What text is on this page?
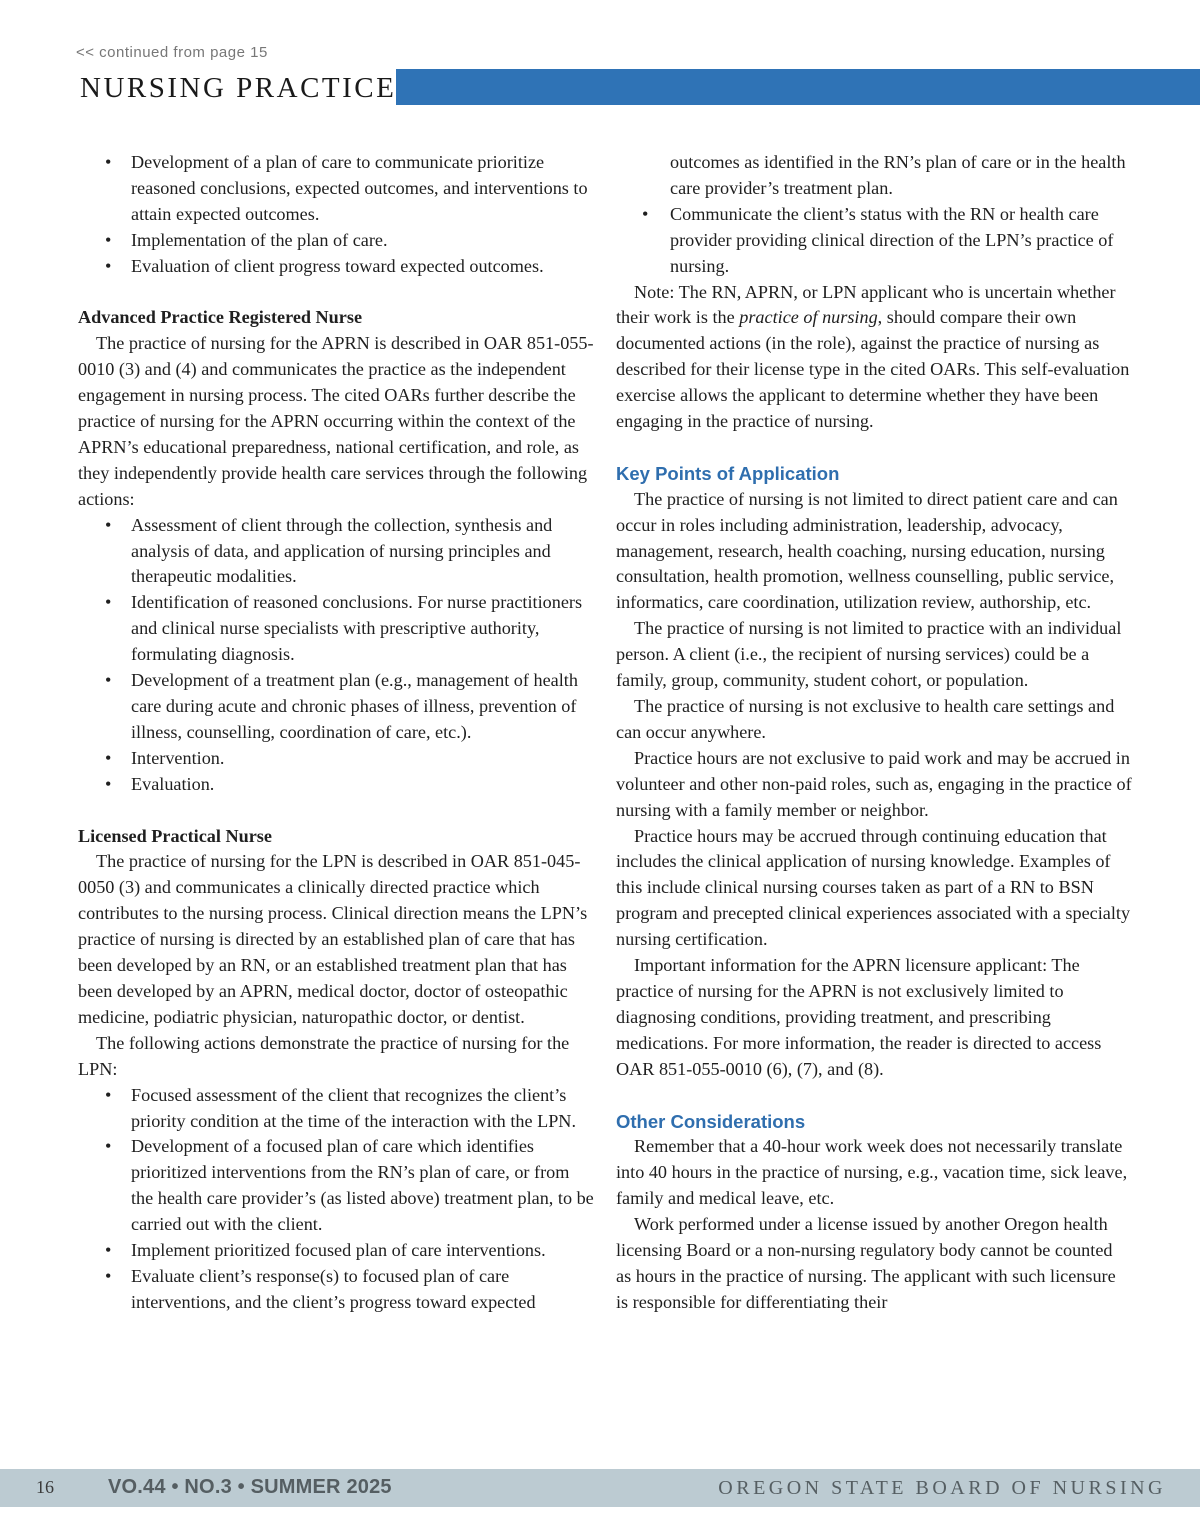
<< continued from page 15
NURSING PRACTICE
• Development of a plan of care to communicate prioritize reasoned conclusions, expected outcomes, and interventions to attain expected outcomes.
• Implementation of the plan of care.
• Evaluation of client progress toward expected outcomes.
Advanced Practice Registered Nurse

The practice of nursing for the APRN is described in OAR 851-055-0010 (3) and (4) and communicates the practice as the independent engagement in nursing process. The cited OARs further describe the practice of nursing for the APRN occurring within the context of the APRN’s educational preparedness, national certification, and role, as they independently provide health care services through the following actions:

• Assessment of client through the collection, synthesis and analysis of data, and application of nursing principles and therapeutic modalities.
• Identification of reasoned conclusions. For nurse practitioners and clinical nurse specialists with prescriptive authority, formulating diagnosis.
• Development of a treatment plan (e.g., management of health care during acute and chronic phases of illness, prevention of illness, counselling, coordination of care, etc.).
• Intervention.
• Evaluation.
Licensed Practical Nurse

The practice of nursing for the LPN is described in OAR 851-045-0050 (3) and communicates a clinically directed practice which contributes to the nursing process. Clinical direction means the LPN’s practice of nursing is directed by an established plan of care that has been developed by an RN, or an established treatment plan that has been developed by an APRN, medical doctor, doctor of osteopathic medicine, podiatric physician, naturopathic doctor, or dentist.

The following actions demonstrate the practice of nursing for the LPN:

• Focused assessment of the client that recognizes the client’s priority condition at the time of the interaction with the LPN.
• Development of a focused plan of care which identifies prioritized interventions from the RN’s plan of care, or from the health care provider’s (as listed above) treatment plan, to be carried out with the client.
• Implement prioritized focused plan of care interventions.
• Evaluate client’s response(s) to focused plan of care interventions, and the client’s progress toward expected
outcomes as identified in the RN’s plan of care or in the health care provider’s treatment plan.
• Communicate the client’s status with the RN or health care provider providing clinical direction of the LPN’s practice of nursing.

Note: The RN, APRN, or LPN applicant who is uncertain whether their work is the practice of nursing, should compare their own documented actions (in the role), against the practice of nursing as described for their license type in the cited OARs. This self-evaluation exercise allows the applicant to determine whether they have been engaging in the practice of nursing.

Key Points of Application

The practice of nursing is not limited to direct patient care and can occur in roles including administration, leadership, advocacy, management, research, health coaching, nursing education, nursing consultation, health promotion, wellness counselling, public service, informatics, care coordination, utilization review, authorship, etc.

The practice of nursing is not limited to practice with an individual person. A client (i.e., the recipient of nursing services) could be a family, group, community, student cohort, or population.

The practice of nursing is not exclusive to health care settings and can occur anywhere.

Practice hours are not exclusive to paid work and may be accrued in volunteer and other non-paid roles, such as, engaging in the practice of nursing with a family member or neighbor.

Practice hours may be accrued through continuing education that includes the clinical application of nursing knowledge. Examples of this include clinical nursing courses taken as part of a RN to BSN program and precepted clinical experiences associated with a specialty nursing certification.

Important information for the APRN licensure applicant: The practice of nursing for the APRN is not exclusively limited to diagnosing conditions, providing treatment, and prescribing medications. For more information, the reader is directed to access OAR 851-055-0010 (6), (7), and (8).

Other Considerations

Remember that a 40-hour work week does not necessarily translate into 40 hours in the practice of nursing, e.g., vacation time, sick leave, family and medical leave, etc.

Work performed under a license issued by another Oregon health licensing Board or a non-nursing regulatory body cannot be counted as hours in the practice of nursing. The applicant with such licensure is responsible for differentiating their

16	VO.44 • NO.3 • SUMMER 2025	OREGON STATE BOARD OF NURSING
